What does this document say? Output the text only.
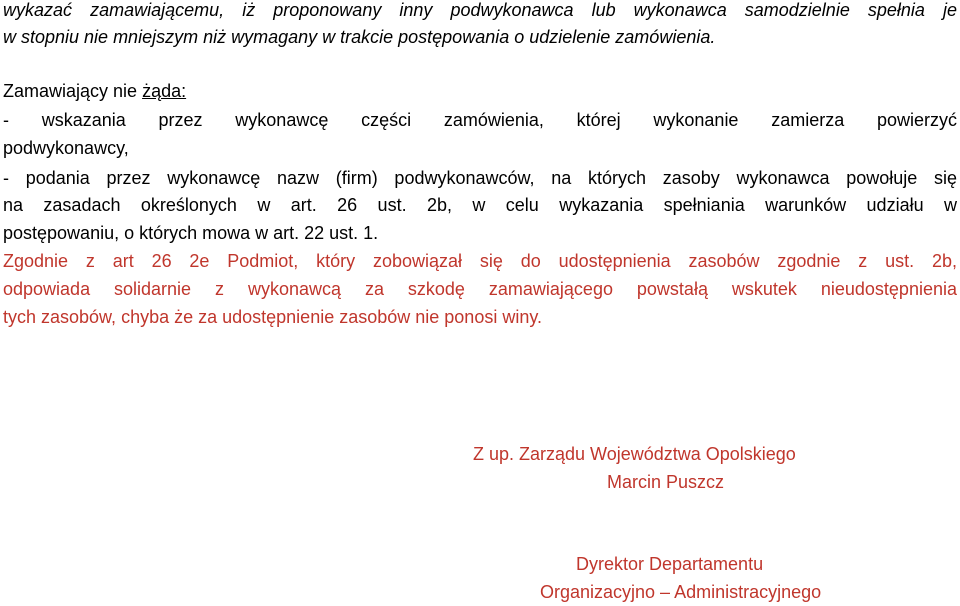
wykazać zamawiającemu, iż proponowany inny podwykonawca lub wykonawca samodzielnie spełnia je
w stopniu nie mniejszym niż wymagany w trakcie postępowania o udzielenie zamówienia.
Zamawiający nie żąda:
- wskazania przez wykonawcę części zamówienia, której wykonanie zamierza powierzyć
podwykonawcy,
- podania przez wykonawcę nazw (firm) podwykonawców, na których zasoby wykonawca powołuje się
na zasadach określonych w art. 26 ust. 2b, w celu wykazania spełniania warunków udziału w
postępowaniu, o których mowa w art. 22 ust. 1.
Zgodnie z art 26 2e Podmiot, który zobowiązał się do udostępnienia zasobów zgodnie z ust. 2b,
odpowiada solidarnie z wykonawcą za szkodę zamawiającego powstałą wskutek nieudostępnienia
tych zasobów, chyba że za udostępnienie zasobów nie ponosi winy.
Z up. Zarządu Województwa Opolskiego
Marcin Puszcz
Dyrektor Departamentu
Organizacyjno – Administracyjnego
